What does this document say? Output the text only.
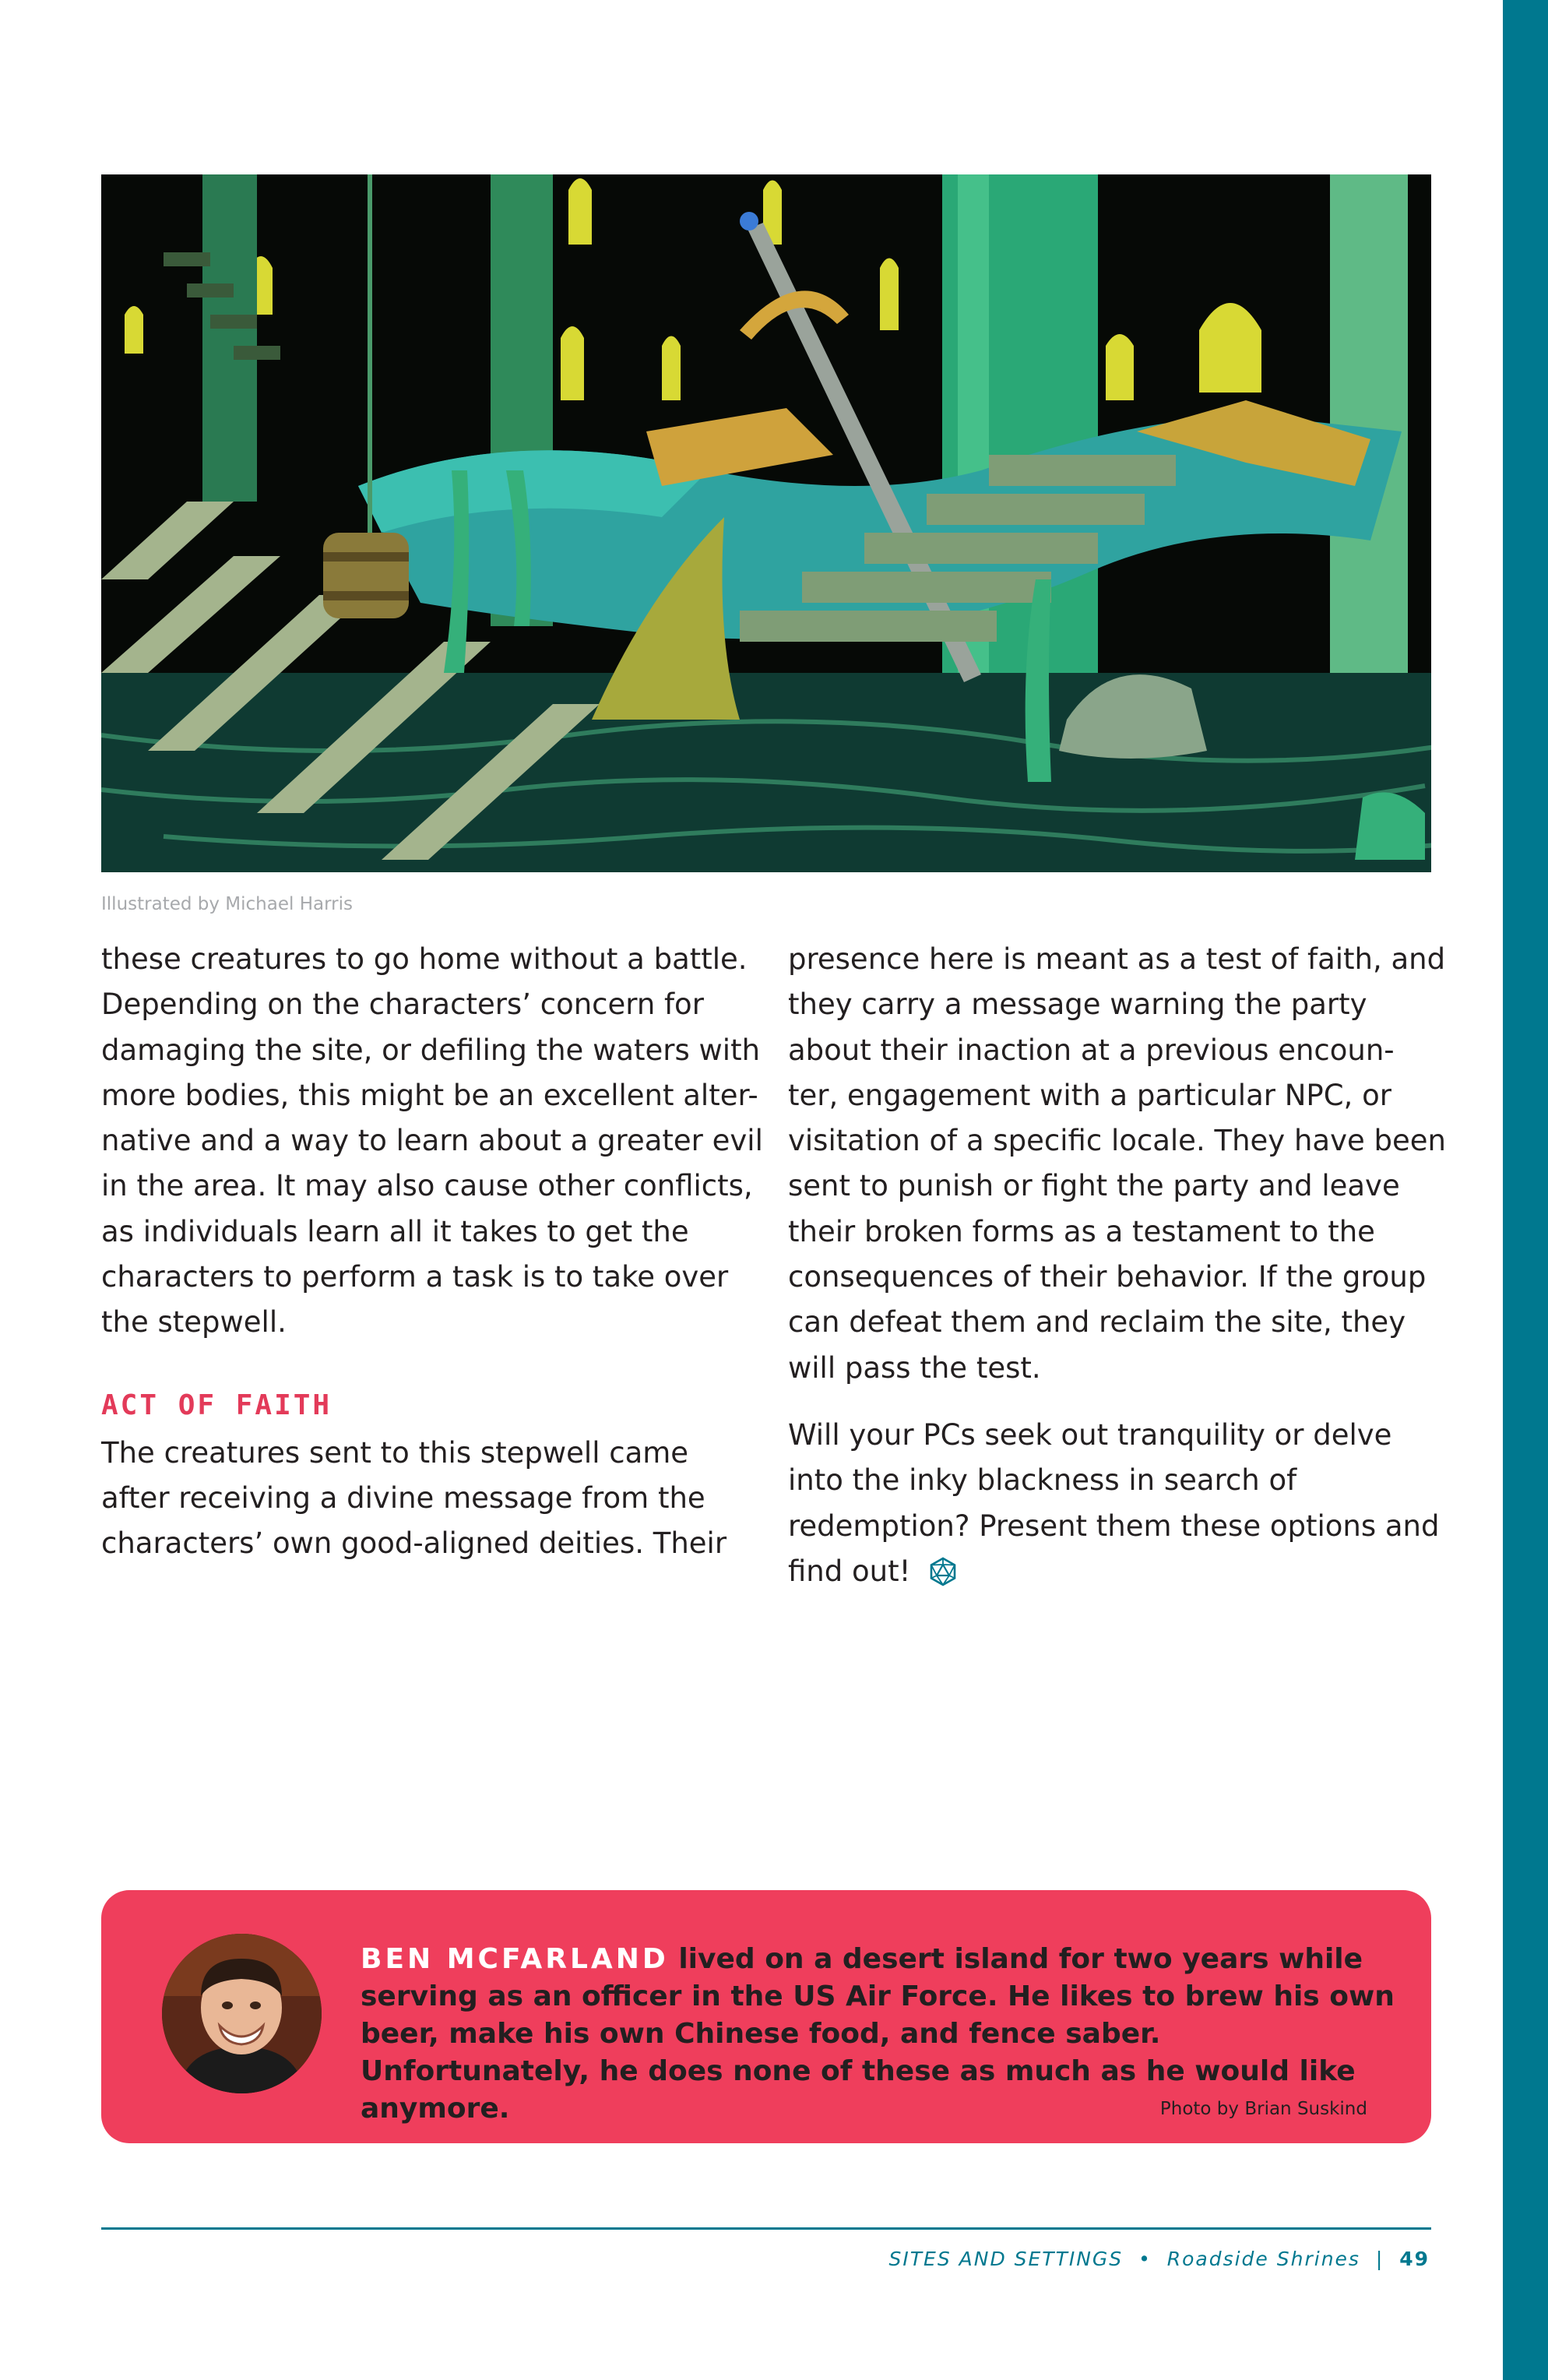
Illustrated by Michael Harris

these creatures to go home without a battle. Depending on the characters’ concern for damaging the site, or defiling the waters with more bodies, this might be an excellent alter- native and a way to learn about a greater evil in the area. It may also cause other conflicts, as individuals learn all it takes to get the characters to perform a task is to take over the stepwell.

ACT OF FAITH

The creatures sent to this stepwell came after receiving a divine message from the characters’ own good-aligned deities. Their

presence here is meant as a test of faith, and they carry a message warning the party about their inaction at a previous encoun- ter, engagement with a particular NPC, or visitation of a specific locale. They have been sent to punish or fight the party and leave their broken forms as a testament to the consequences of their behavior. If the group can defeat them and reclaim the site, they will pass the test.

Will your PCs seek out tranquility or delve into the inky blackness in search of redemption? Present them these options and find out!

BEN MCFARLAND lived on a desert island for two years while serving as an officer in the US Air Force. He likes to brew his own beer, make his own Chinese food, and fence saber. Unfortunately, he does none of these as much as he would like anymore.	Photo by Brian Suskind
SITES AND SETTINGS • Roadside Shrines | 49
